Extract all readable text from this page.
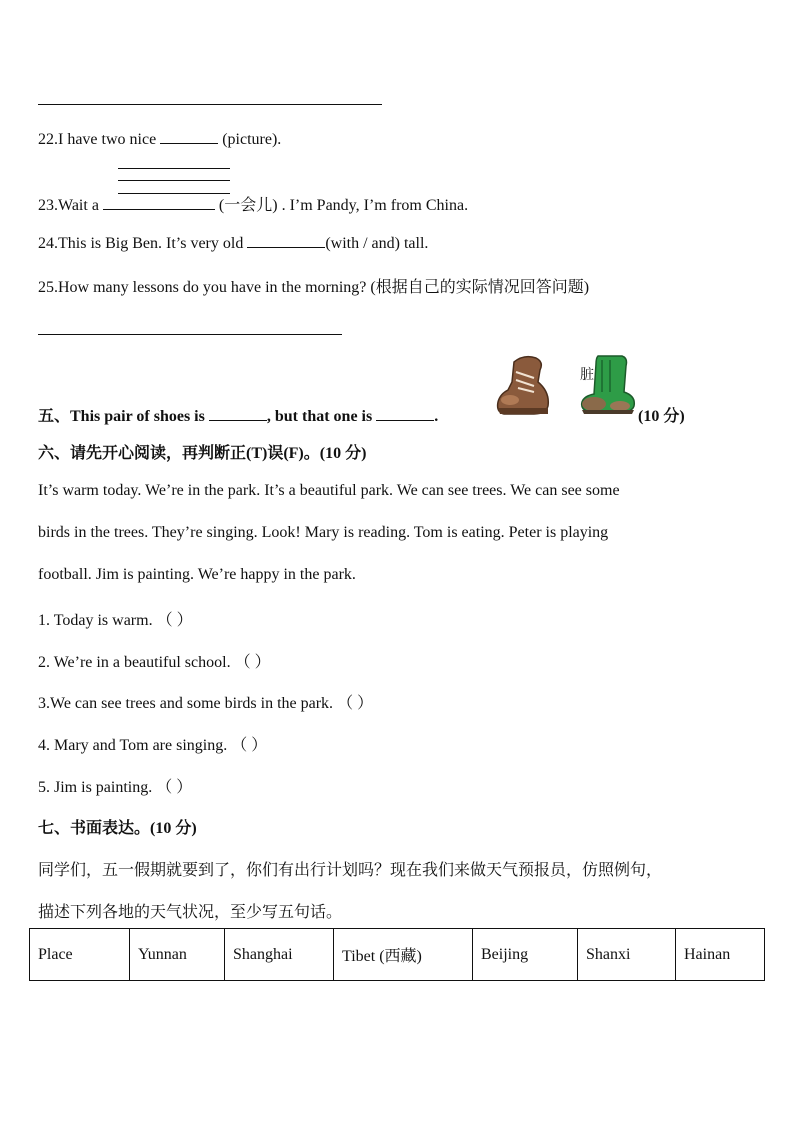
22.I have two nice	(picture).
23.Wait a	(一会儿) . I’m Pandy, I’m from China.
24.This is Big Ben. It’s very old	(with / and) tall.
25.How many lessons do you have in the morning? (根据自己的实际情况回答问题)
五、This pair of shoes is	, but that one is	.
脏
(10 分)
六、请先开心阅读，再判断正(T)误(F)。(10 分)
It’s warm today. We’re in the park. It’s a beautiful park. We can see trees. We can see some
birds in the trees. They’re singing. Look! Mary is reading. Tom is eating. Peter is playing
football. Jim is painting. We’re happy in the park.
1. Today is warm. （ ）
2. We’re in a beautiful school. （ ）
3.We can see trees and some birds in the park. （ ）
4. Mary and Tom are singing. （ ）
5. Jim is painting. （ ）
七、书面表达。(10 分)
同学们，五一假期就要到了，你们有出行计划吗？现在我们来做天气预报员，仿照例句，
描述下列各地的天气状况，至少写五句话。
Place	Yunnan	Shanghai	Tibet (西藏)	Beijing	Shanxi	Hainan
